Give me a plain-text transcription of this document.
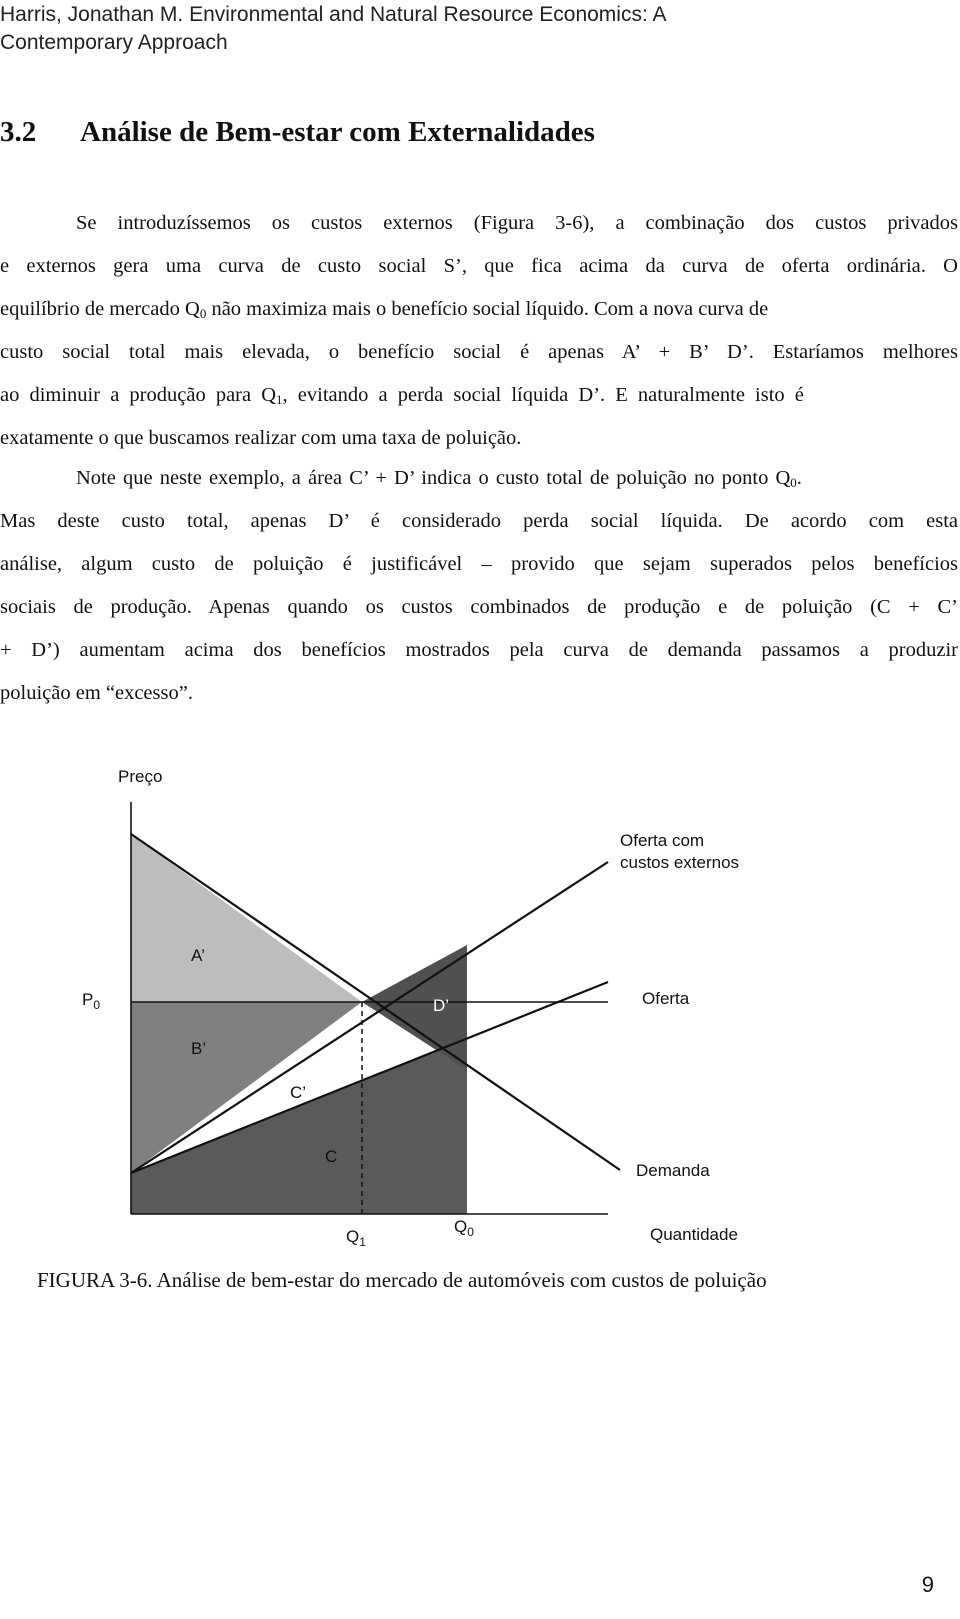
Harris, Jonathan M. Environmental and Natural Resource Economics: A
Contemporary Approach
3.2 Análise de Bem-estar com Externalidades
Se introduzíssemos os custos externos (Figura 3-6), a combinação dos custos privados
e externos gera uma curva de custo social S’, que fica acima da curva de oferta ordinária. O
equilíbrio de mercado $Q_0$ não maximiza mais o benefício social líquido. Com a nova curva de
custo social total mais elevada, o benefício social é apenas A’ + B’ D’. Estaríamos melhores
ao diminuir a produção para $Q_1$, evitando a perda social líquida D’. E naturalmente isto é
exatamente o que buscamos realizar com uma taxa de poluição.
Note que neste exemplo, a área C’ + D’ indica o custo total de poluição no ponto $Q_0$.
Mas deste custo total, apenas D’ é considerado perda social líquida. De acordo com esta
análise, algum custo de poluição é justificável – provido que sejam superados pelos benefícios
sociais de produção. Apenas quando os custos combinados de produção e de poluição (C + C’
+ D’) aumentam acima dos benefícios mostrados pela curva de demanda passamos a produzir
poluição em “excesso”.
Preço
Quantidade
$P_0$
$Q_1$
$Q_0$
A’
B’
C’
C
D’
Oferta com
custos externos
Oferta
Demanda
FIGURA 3-6. Análise de bem-estar do mercado de automóveis com custos de poluição
9
